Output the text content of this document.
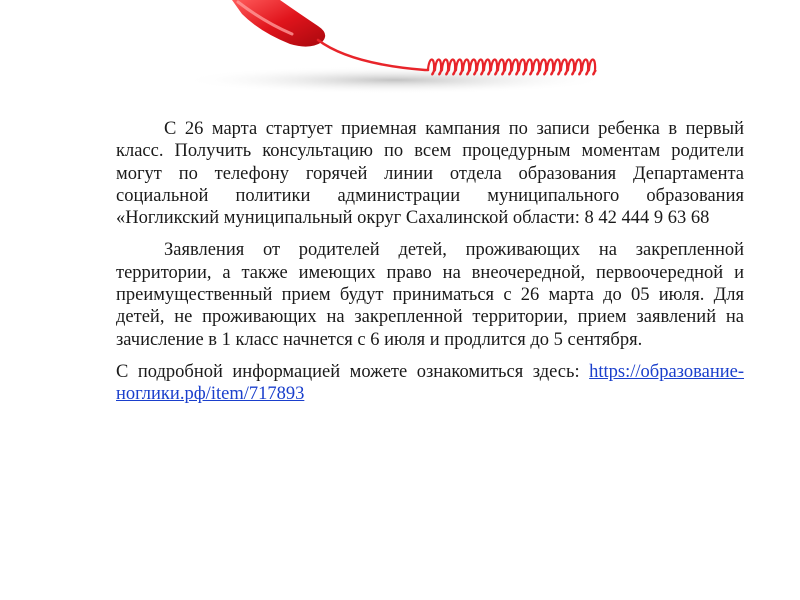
С 26 марта стартует приемная кампания по записи ребенка в первый класс. Получить консультацию по всем процедурным моментам родители могут по телефону горячей линии отдела образования Департамента социальной политики администрации муниципального образования «Ногликский муниципальный округ Сахалинской области: 8 42 444 9 63 68

Заявления от родителей детей, проживающих на закрепленной территории, а также имеющих право на внеочередной, первоочередной и преимущественный прием будут приниматься с 26 марта до 05 июля. Для детей, не проживающих на закрепленной территории, прием заявлений на зачисление в 1 класс начнется с 6 июля и продлится до 5 сентября.

С подробной информацией можете ознакомиться здесь: https://образование-ноглики.рф/item/717893
